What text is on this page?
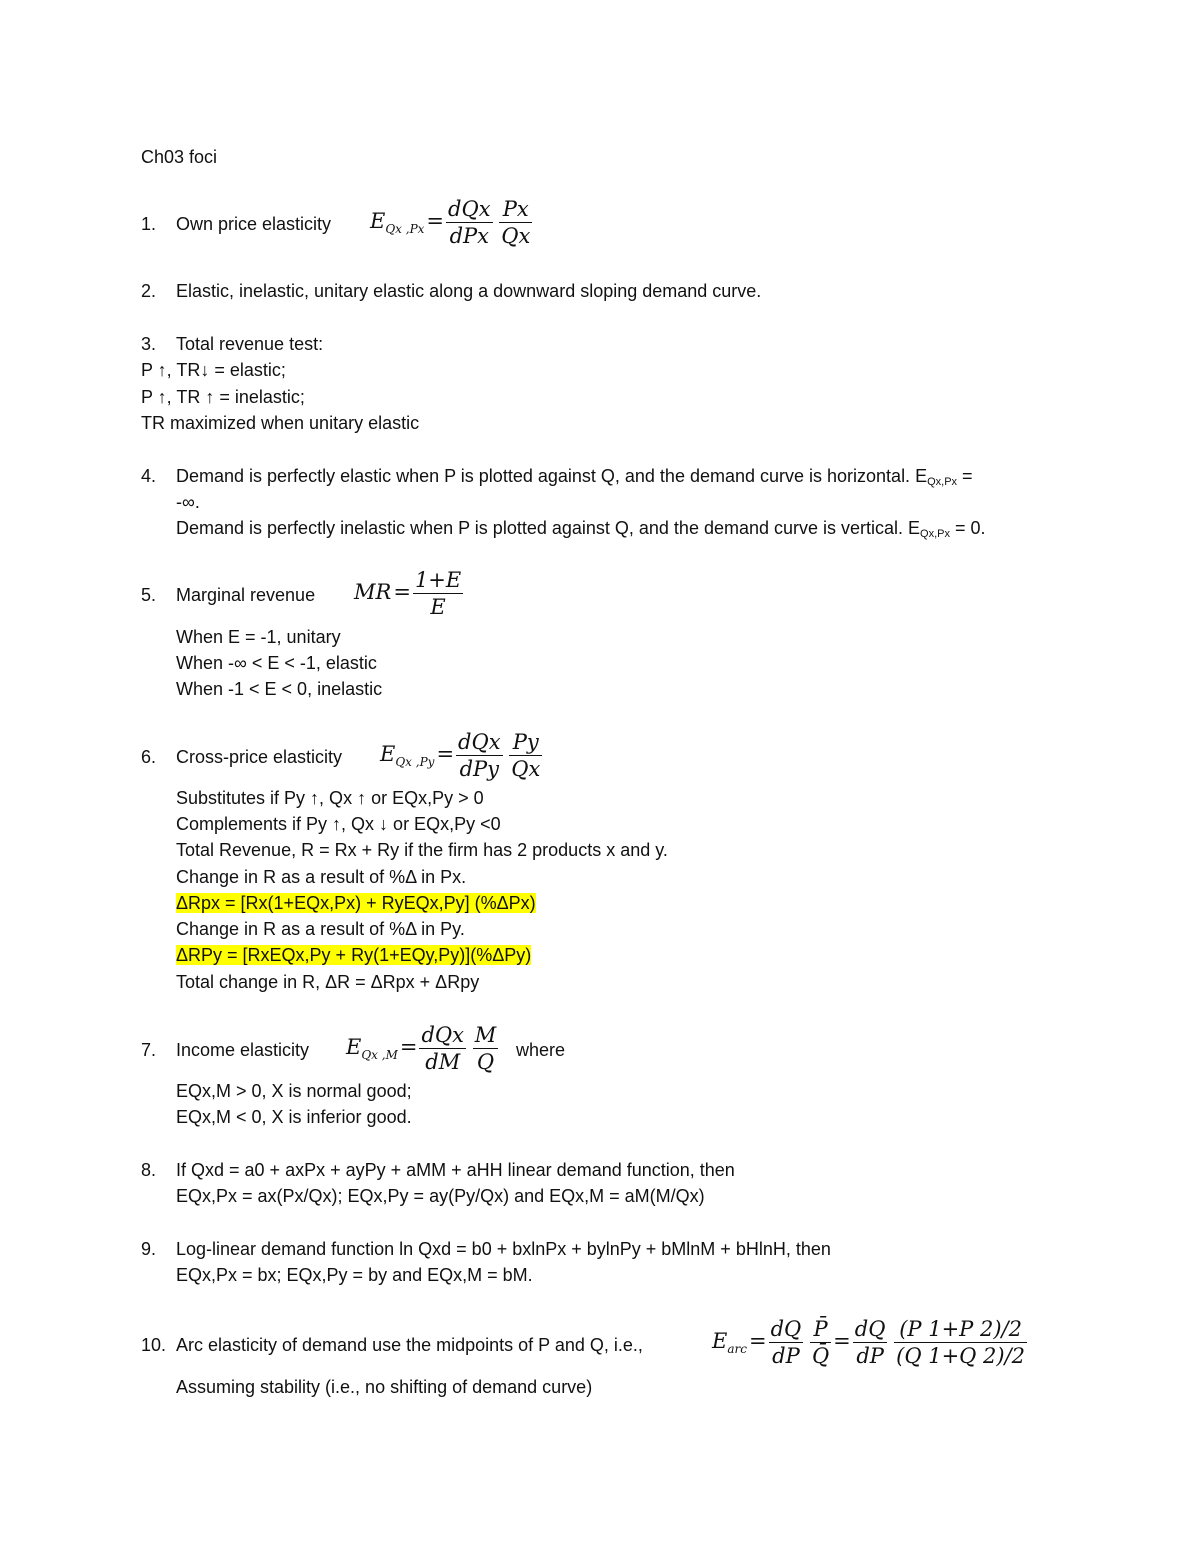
Ch03 foci
1. Own price elasticity $E_{Qx ,Px}= \frac{\text{dQx}}{\text{dPx}}$
$\frac{Px}{Qx}$
2. Elastic, inelastic, unitary elastic along a downward sloping demand curve.
3. Total revenue test:
P ↑, TR↓ = elastic;
P ↑, TR ↑ = inelastic;
TR maximized when unitary elastic
4. Demand is perfectly elastic when P is plotted against Q, and the demand curve is horizontal. $E_{Qx,Px}$ =
-∞.
Demand is perfectly inelastic when P is plotted against Q, and the demand curve is vertical. $E_{Qx,Px} = 0$.
5. Marginal revenue $MR= \frac{1+E}{E}$
When E = -1, unitary
When -∞ < E < -1, elastic
When -1 < E < 0, inelastic
6. Cross-price elasticity $E_{Qx ,Py}= \frac{\text{dQx}}{\text{dPy}}$
$\frac{Py}{Qx}$
Substitutes if Py ↑, Qx ↑ or EQx,Py > 0
Complements if Py ↑, Qx ↓ or EQx,Py <0
Total Revenue, R = Rx + Ry if the firm has 2 products x and y.
Change in R as a result of %Δ in Px.
ΔRpx = [Rx(1+EQx,Px) + RyEQx,Py] (%ΔPx)
Change in R as a result of %Δ in Py.
ΔRPy = [RxEQx,Py + Ry(1+EQy,Py)](%ΔPy)
Total change in R, ΔR = ΔRpx + ΔRpy
7. Income elasticity $E_{Qx ,M}= \frac{\text{dQx}}{dM}$
$\frac{M}{Q}$ where
EQx,M > 0, X is normal good;
EQx,M < 0, X is inferior good.
8. If Qxd = a0 + axPx + ayPy + aMM + aHH linear demand function, then
EQx,Px = ax(Px/Qx); EQx,Py = ay(Py/Qx) and EQx,M = aM(M/Qx)
9. Log-linear demand function ln Qxd = b0 + bxlnPx + bylnPy + bMlnM + bHlnH, then
EQx,Px = bx; EQx,Py = by and EQx,M = bM.
10. Arc elasticity of demand use the midpoints of P and Q, i.e.,	$E_{arc}= \frac{dQ}{dP}$
$\frac{P̄}{Q̄} = \frac{dQ}{dP}$
$\frac{(P 1+P 2)/2}{(Q 1+Q 2)/2}$
Assuming stability (i.e., no shifting of demand curve)
